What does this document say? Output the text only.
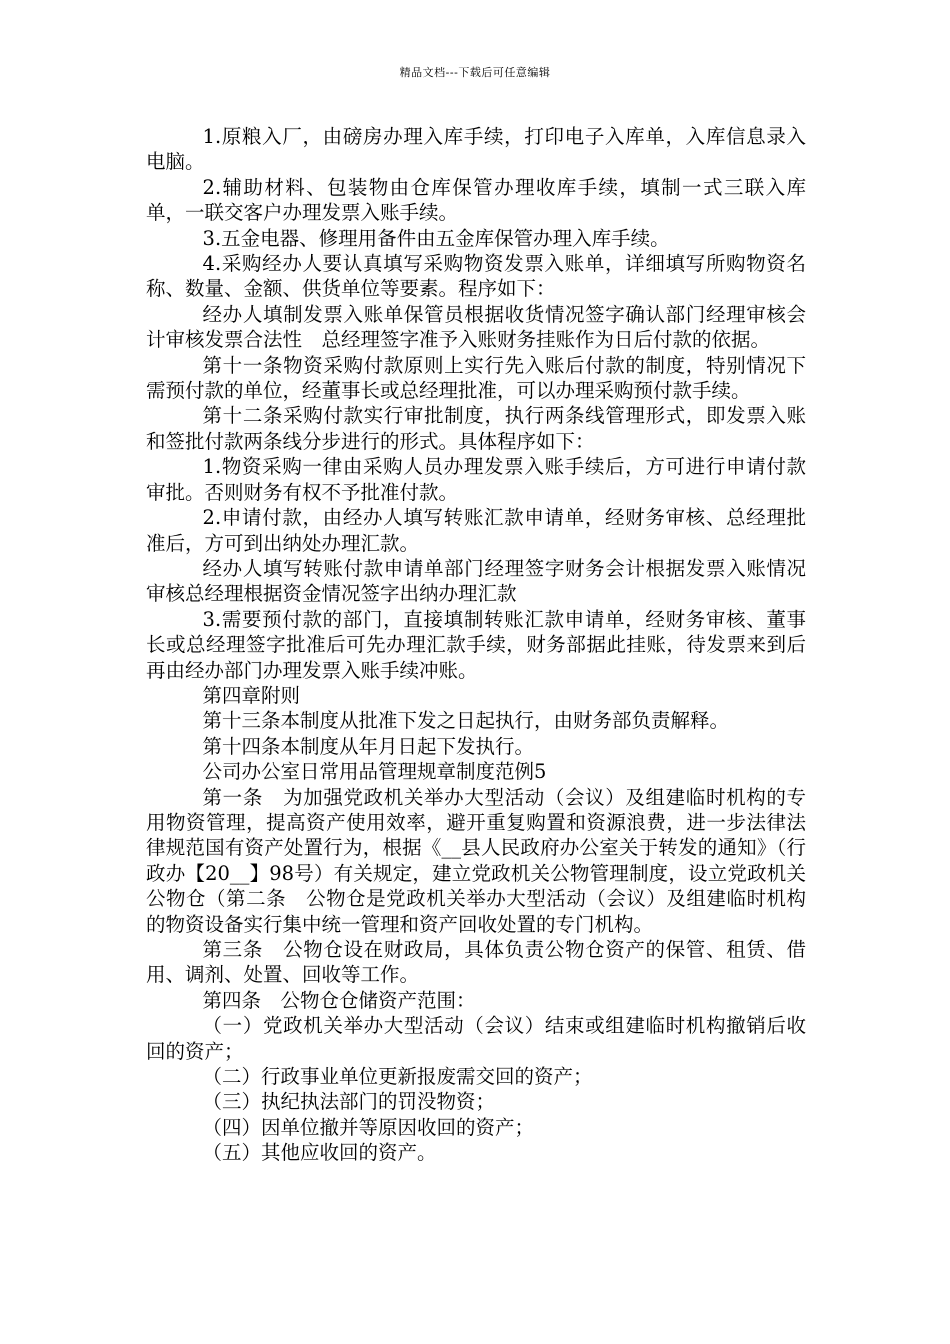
精品文档---下载后可任意编辑

1.原粮入厂，由磅房办理入库手续，打印电子入库单，入库信息录入电脑。

2.辅助材料、包装物由仓库保管办理收库手续，填制一式三联入库单，一联交客户办理发票入账手续。

3.五金电器、修理用备件由五金库保管办理入库手续。

4.采购经办人要认真填写采购物资发票入账单，详细填写所购物资名称、数量、金额、供货单位等要素。程序如下：

经办人填制发票入账单保管员根据收货情况签字确认部门经理审核会计审核发票合法性　总经理签字准予入账财务挂账作为日后付款的依据。

第十一条物资采购付款原则上实行先入账后付款的制度，特别情况下需预付款的单位，经董事长或总经理批准，可以办理采购预付款手续。

第十二条采购付款实行审批制度，执行两条线管理形式，即发票入账和签批付款两条线分步进行的形式。具体程序如下：

1.物资采购一律由采购人员办理发票入账手续后，方可进行申请付款审批。否则财务有权不予批准付款。

2.申请付款，由经办人填写转账汇款申请单，经财务审核、总经理批准后，方可到出纳处办理汇款。

经办人填写转账付款申请单部门经理签字财务会计根据发票入账情况审核总经理根据资金情况签字出纳办理汇款

3.需要预付款的部门，直接填制转账汇款申请单，经财务审核、董事长或总经理签字批准后可先办理汇款手续，财务部据此挂账，待发票来到后再由经办部门办理发票入账手续冲账。

第四章附则

第十三条本制度从批准下发之日起执行，由财务部负责解释。

第十四条本制度从年月日起下发执行。

公司办公室日常用品管理规章制度范例5

第一条　为加强党政机关举办大型活动（会议）及组建临时机构的专用物资管理，提高资产使用效率，避开重复购置和资源浪费，进一步法律法律规范国有资产处置行为，根据《__县人民政府办公室关于转发的通知》（行政办【20__】98号）有关规定，建立党政机关公物管理制度，设立党政机关公物仓（第二条　公物仓是党政机关举办大型活动（会议）及组建临时机构的物资设备实行集中统一管理和资产回收处置的专门机构。

第三条　公物仓设在财政局，具体负责公物仓资产的保管、租赁、借用、调剂、处置、回收等工作。

第四条　公物仓仓储资产范围：

（一）党政机关举办大型活动（会议）结束或组建临时机构撤销后收回的资产；

（二）行政事业单位更新报废需交回的资产；

（三）执纪执法部门的罚没物资；

（四）因单位撤并等原因收回的资产；

（五）其他应收回的资产。
